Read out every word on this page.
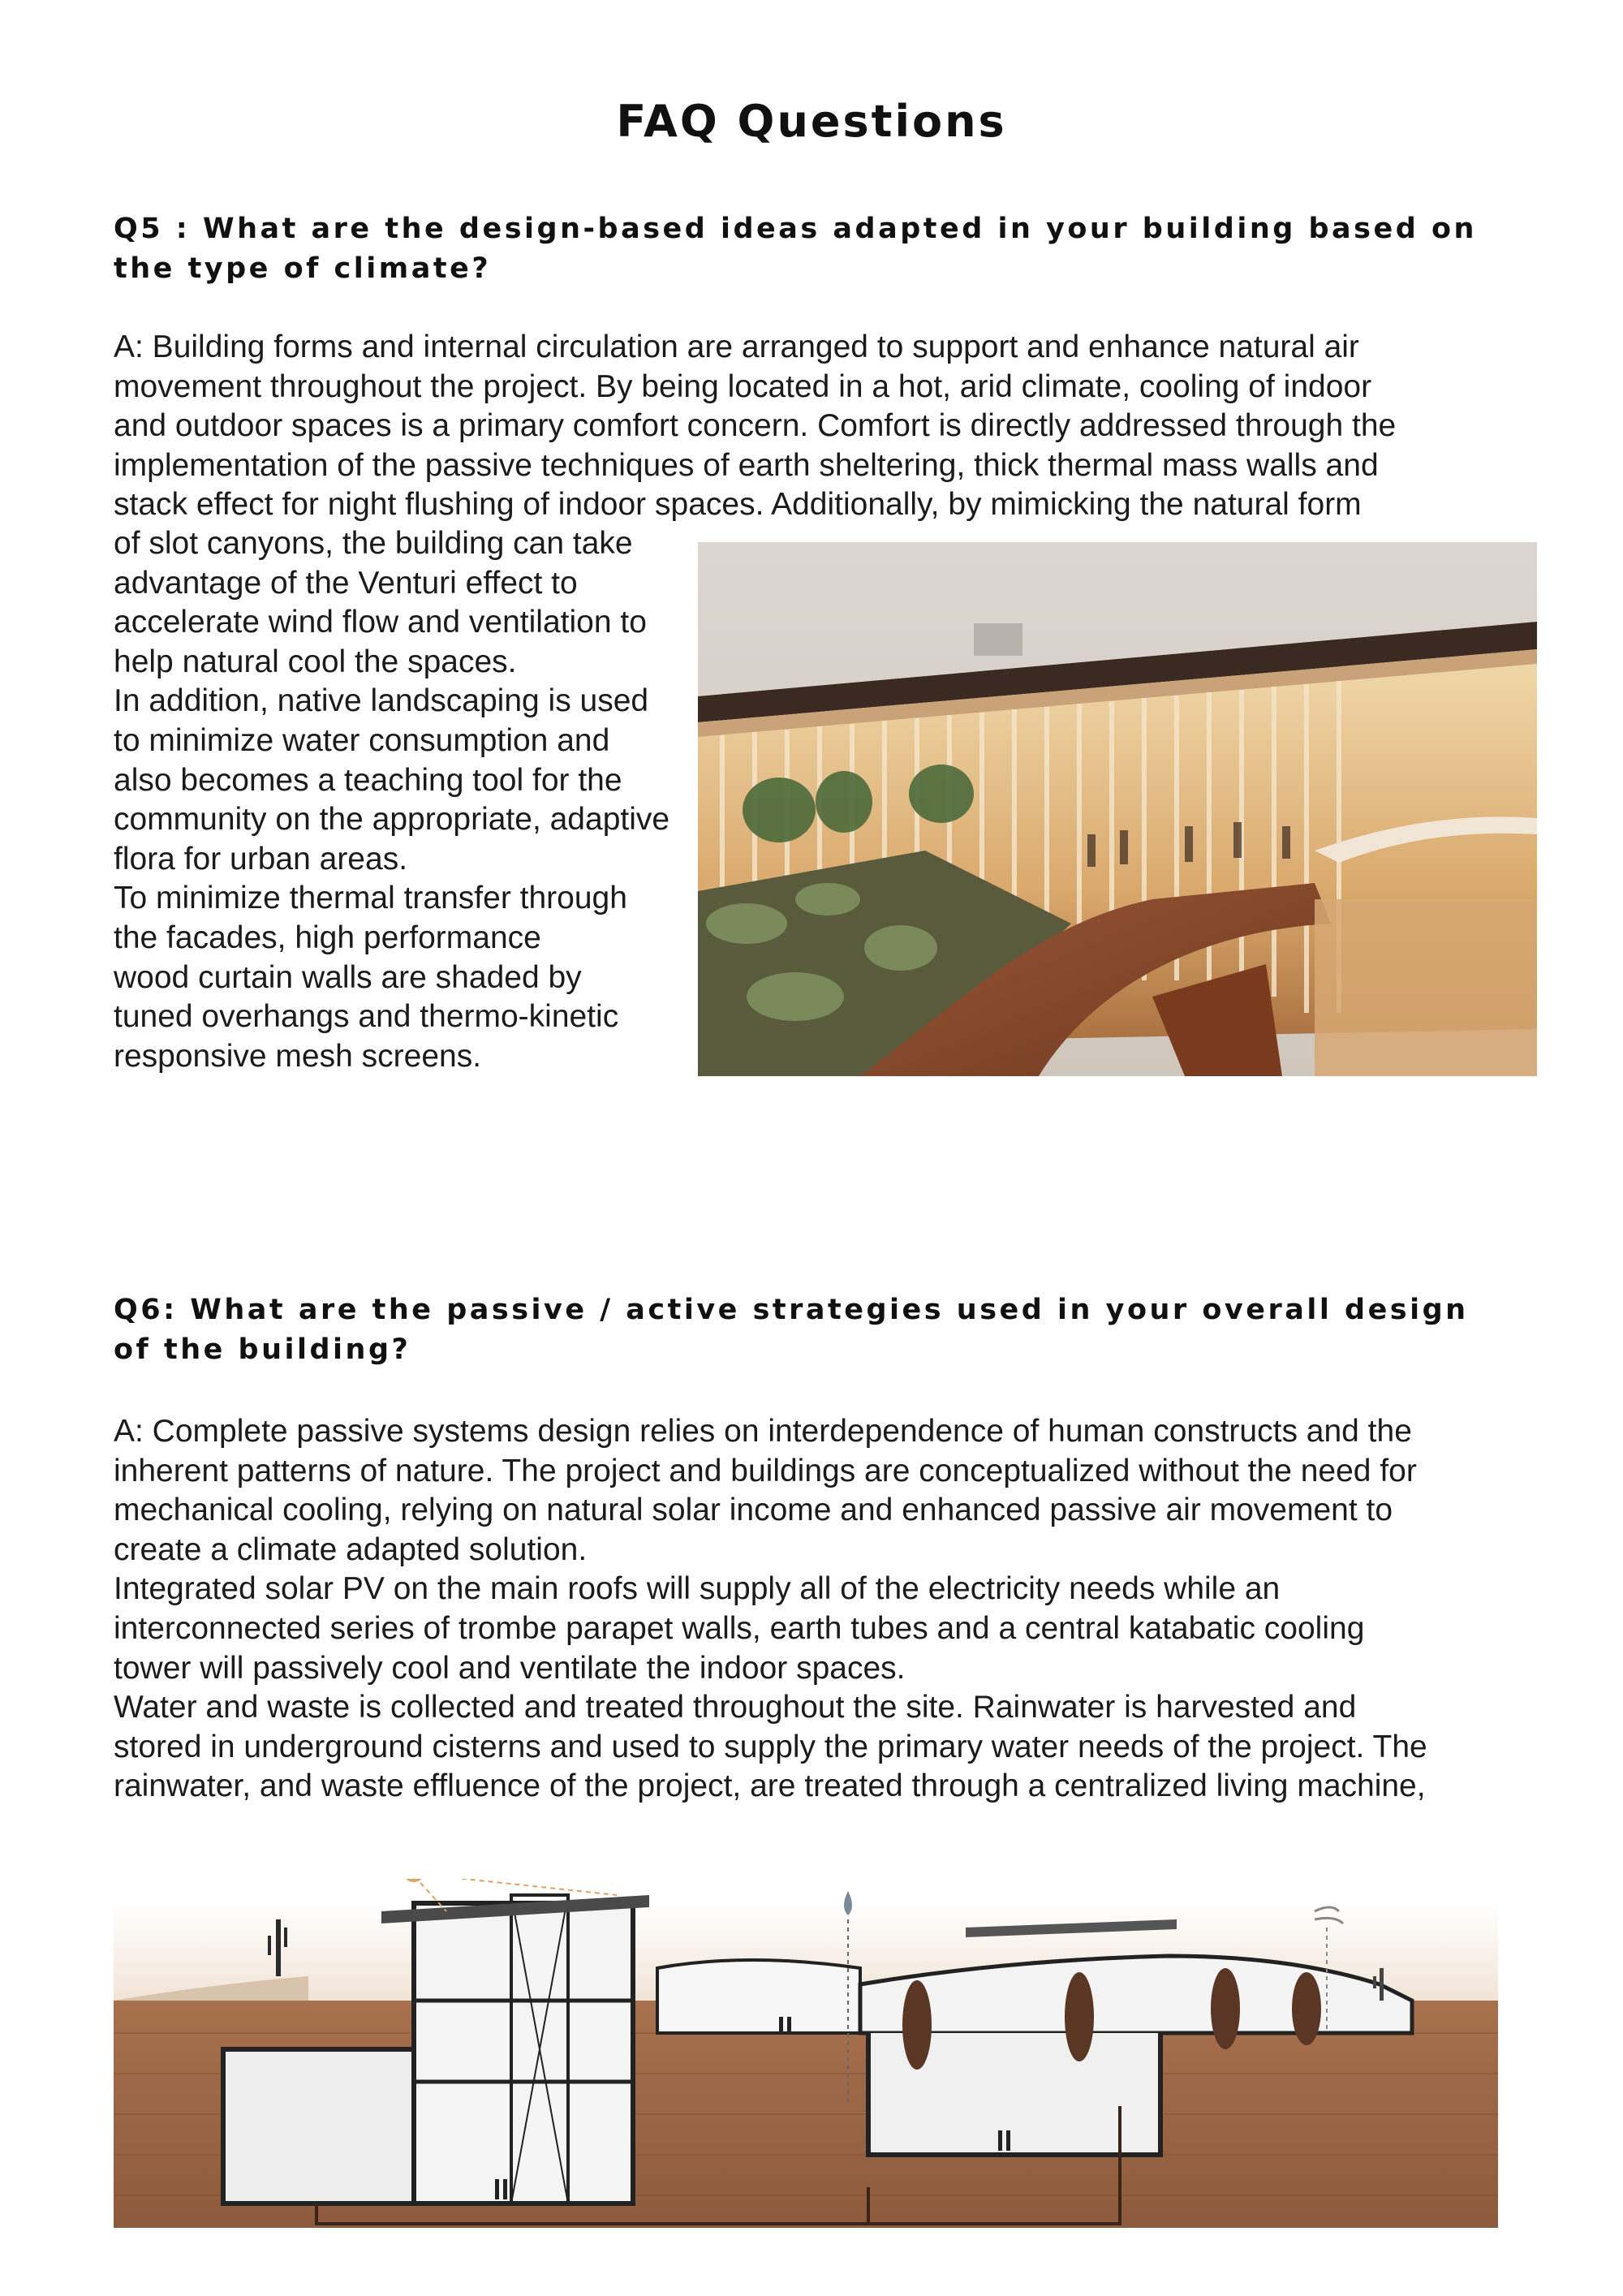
FAQ Questions
Q5 : What are the design-based ideas adapted in your building based on the type of climate?

A: Building forms and internal circulation are arranged to support and enhance natural air
movement throughout the project. By being located in a hot, arid climate, cooling of indoor
and outdoor spaces is a primary comfort concern. Comfort is directly addressed through the
implementation of the passive techniques of earth sheltering, thick thermal mass walls and
stack effect for night flushing of indoor spaces. Additionally, by mimicking the natural form

of slot canyons, the building can take
advantage of the Venturi effect to
accelerate wind flow and ventilation to
help natural cool the spaces.
In addition, native landscaping is used
to minimize water consumption and
also becomes a teaching tool for the
community on the appropriate, adaptive
flora for urban areas.
To minimize thermal transfer through
the facades, high performance
wood curtain walls are shaded by
tuned overhangs and thermo-kinetic
responsive mesh screens.

Q6: What are the passive / active strategies used in your overall design of the building?

A: Complete passive systems design relies on interdependence of human constructs and the
inherent patterns of nature. The project and buildings are conceptualized without the need for
mechanical cooling, relying on natural solar income and enhanced passive air movement to
create a climate adapted solution.
Integrated solar PV on the main roofs will supply all of the electricity needs while an
interconnected series of trombe parapet walls, earth tubes and a central katabatic cooling
tower will passively cool and ventilate the indoor spaces.
Water and waste is collected and treated throughout the site. Rainwater is harvested and
stored in underground cisterns and used to supply the primary water needs of the project. The
rainwater, and waste effluence of the project, are treated through a centralized living machine,
